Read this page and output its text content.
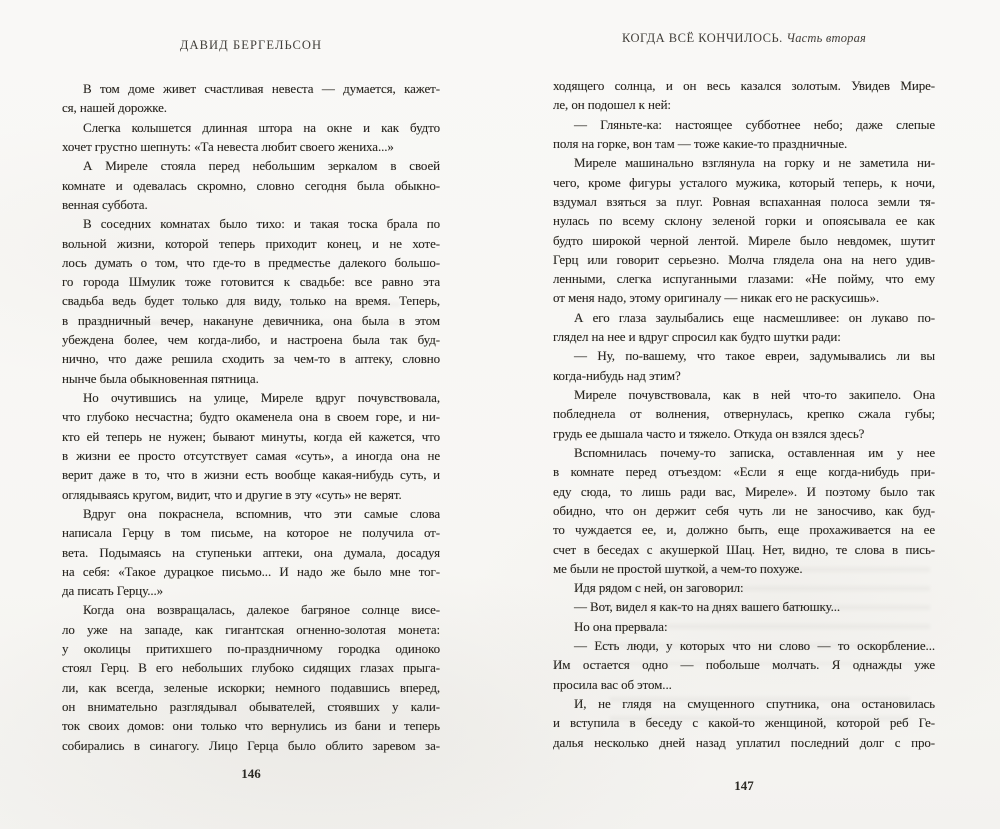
ДАВИД БЕРГЕЛЬСОН
В том доме живет счастливая невеста — думается, кажет-
ся, нашей дорожке.
Слегка колышется длинная штора на окне и как будто
хочет грустно шепнуть: «Та невеста любит своего жениха...»
А Миреле стояла перед небольшим зеркалом в своей
комнате и одевалась скромно, словно сегодня была обыкно-
венная суббота.
В соседних комнатах было тихо: и такая тоска брала по
вольной жизни, которой теперь приходит конец, и не хоте-
лось думать о том, что где-то в предместье далекого большо-
го города Шмулик тоже готовится к свадьбе: все равно эта
свадьба ведь будет только для виду, только на время. Теперь,
в праздничный вечер, накануне девичника, она была в этом
убеждена более, чем когда-либо, и настроена была так буд-
нично, что даже решила сходить за чем-то в аптеку, словно
нынче была обыкновенная пятница.
Но очутившись на улице, Миреле вдруг почувствовала,
что глубоко несчастна; будто окаменела она в своем горе, и ни-
кто ей теперь не нужен; бывают минуты, когда ей кажется, что
в жизни ее просто отсутствует самая «суть», а иногда она не
верит даже в то, что в жизни есть вообще какая-нибудь суть, и
оглядываясь кругом, видит, что и другие в эту «суть» не верят.
Вдруг она покраснела, вспомнив, что эти самые слова
написала Герцу в том письме, на которое не получила от-
вета. Подымаясь на ступеньки аптеки, она думала, досадуя
на себя: «Такое дурацкое письмо... И надо же было мне тог-
да писать Герцу...»
Когда она возвращалась, далекое багряное солнце висе-
ло уже на западе, как гигантская огненно-золотая монета:
у околицы притихшего по-праздничному городка одиноко
стоял Герц. В его небольших глубоко сидящих глазах прыга-
ли, как всегда, зеленые искорки; немного подавшись вперед,
он внимательно разглядывал обывателей, стоявших у кали-
ток своих домов: они только что вернулись из бани и теперь
собирались в синагогу. Лицо Герца было облито заревом за-
146
КОГДА ВСЁ КОНЧИЛОСЬ. Часть вторая
ходящего солнца, и он весь казался золотым. Увидев Мире-
ле, он подошел к ней:
— Гляньте-ка: настоящее субботнее небо; даже слепые
поля на горке, вон там — тоже какие-то праздничные.
Миреле машинально взглянула на горку и не заметила ни-
чего, кроме фигуры усталого мужика, который теперь, к ночи,
вздумал взяться за плуг. Ровная вспаханная полоса земли тя-
нулась по всему склону зеленой горки и опоясывала ее как
будто широкой черной лентой. Миреле было невдомек, шутит
Герц или говорит серьезно. Молча глядела она на него удив-
ленными, слегка испуганными глазами: «Не пойму, что ему
от меня надо, этому оригиналу — никак его не раскусишь».
А его глаза заулыбались еще насмешливее: он лукаво по-
глядел на нее и вдруг спросил как будто шутки ради:
— Ну, по-вашему, что такое евреи, задумывались ли вы
когда-нибудь над этим?
Миреле почувствовала, как в ней что-то закипело. Она
побледнела от волнения, отвернулась, крепко сжала губы;
грудь ее дышала часто и тяжело. Откуда он взялся здесь?
Вспомнилась почему-то записка, оставленная им у нее
в комнате перед отъездом: «Если я еще когда-нибудь при-
еду сюда, то лишь ради вас, Миреле». И поэтому было так
обидно, что он держит себя чуть ли не заносчиво, как буд-
то чуждается ее, и, должно быть, еще прохаживается на ее
счет в беседах с акушеркой Шац. Нет, видно, те слова в пись-
ме были не простой шуткой, а чем-то похуже.
Идя рядом с ней, он заговорил:
— Вот, видел я как-то на днях вашего батюшку...
Но она прервала:
— Есть люди, у которых что ни слово — то оскорбление...
Им остается одно — побольше молчать. Я однажды уже
просила вас об этом...
И, не глядя на смущенного спутника, она остановилась
и вступила в беседу с какой-то женщиной, которой реб Ге-
далья несколько дней назад уплатил последний долг с про-
147
